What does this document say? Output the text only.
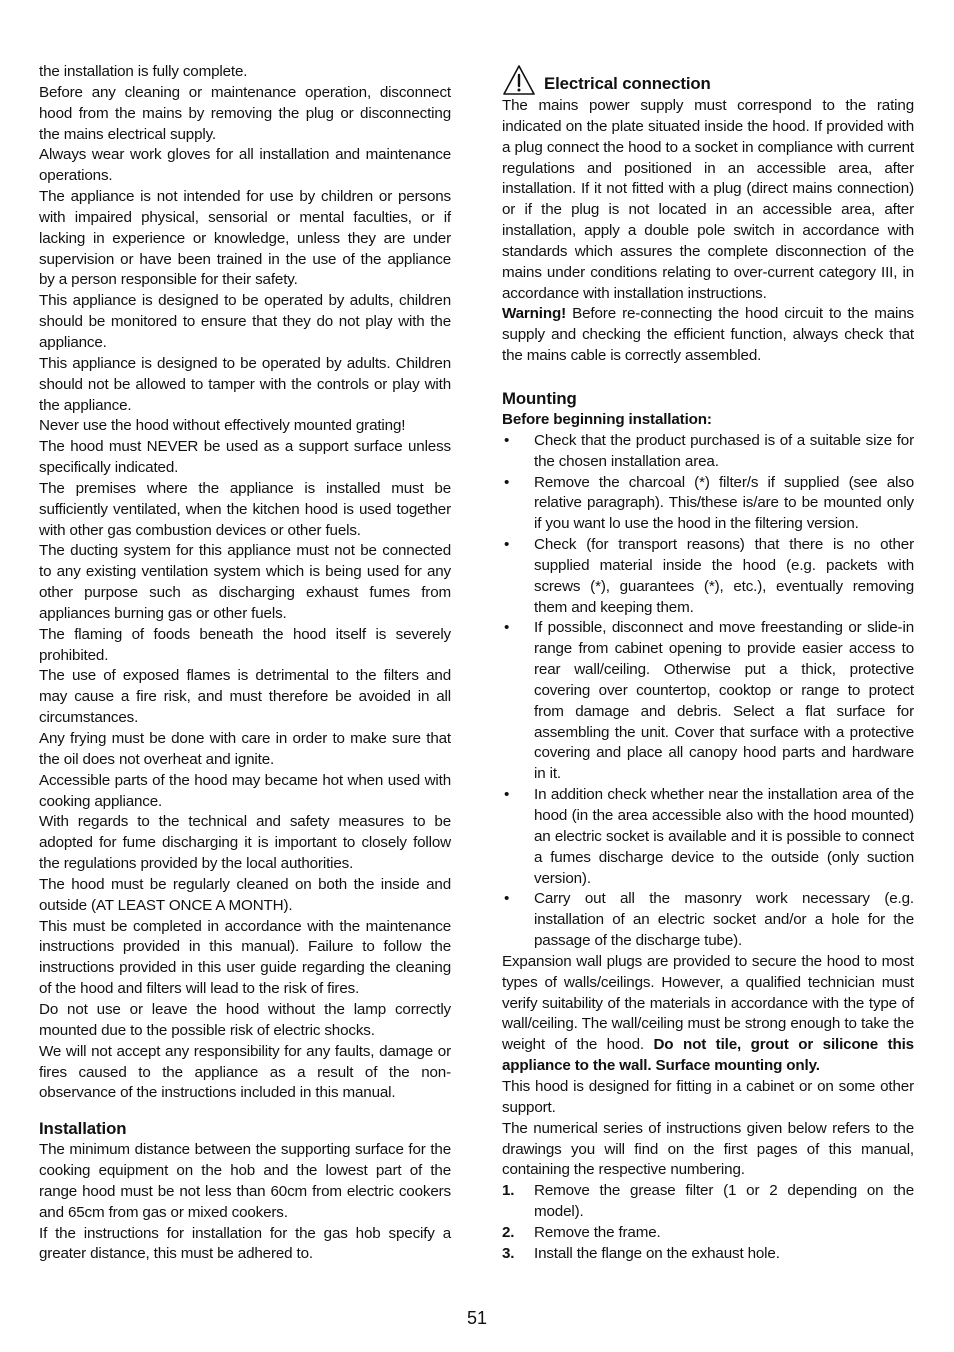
the installation is fully complete.

Before any cleaning or maintenance operation, disconnect hood from the mains by removing the plug or disconnecting the mains electrical supply.

Always wear work gloves for all installation and maintenance operations.

The appliance is not intended for use by children or persons with impaired physical, sensorial or mental faculties, or if lacking in experience or knowledge, unless they are under supervision or have been trained in the use of the appliance by a person responsible for their safety.

This appliance is designed to be operated by adults, children should be monitored to ensure that they do not play with the appliance.

This appliance is designed to be operated by adults. Children should not be allowed to tamper with the controls or play with the appliance.

Never use the hood without effectively mounted grating!

The hood must NEVER be used as a support surface unless specifically indicated.

The premises where the appliance is installed must be sufficiently ventilated, when the kitchen hood is used together with other gas combustion devices or other fuels.

The ducting system for this appliance must not be connected to any existing ventilation system which is being used for any other purpose such as discharging exhaust fumes from appliances burning gas or other fuels.

The flaming of foods beneath the hood itself is severely prohibited.

The use of exposed flames is detrimental to the filters and may cause a fire risk, and must therefore be avoided in all circumstances.

Any frying must be done with care in order to make sure that the oil does not overheat and ignite.

Accessible parts of the hood may became hot when used with cooking appliance.

With regards to the technical and safety measures to be adopted for fume discharging it is important to closely follow the regulations provided by the local authorities.

The hood must be regularly cleaned on both the inside and outside (AT LEAST ONCE A MONTH).

This must be completed in accordance with the maintenance instructions provided in this manual). Failure to follow the instructions provided in this user guide regarding the cleaning of the hood and filters will lead to the risk of fires.

Do not use or leave the hood without the lamp correctly mounted due to the possible risk of electric shocks.

We will not accept any responsibility for any faults, damage or fires caused to the appliance as a result of the non-observance of the instructions included in this manual.

Installation

The minimum distance between the supporting surface for the cooking equipment on the hob and the lowest part of the range hood must be not less than 60cm from electric cookers and 65cm from gas or mixed cookers.

If the instructions for installation for the gas hob specify a greater distance, this must be adhered to.

Electrical connection

The mains power supply must correspond to the rating indicated on the plate situated inside the hood. If provided with a plug connect the hood to a socket in compliance with current regulations and positioned in an accessible area, after installation. If it not fitted with a plug (direct mains connection) or if the plug is not located in an accessible area, after installation, apply a double pole switch in accordance with standards which assures the complete disconnection of the mains under conditions relating to over-current category III, in accordance with installation instructions.

Warning! Before re-connecting the hood circuit to the mains supply and checking the efficient function, always check that the mains cable is correctly assembled.

Mounting

Before beginning installation:

• Check that the product purchased is of a suitable size for the chosen installation area.
• Remove the charcoal (*) filter/s if supplied (see also relative paragraph). This/these is/are to be mounted only if you want lo use the hood in the filtering version.
• Check (for transport reasons) that there is no other supplied material inside the hood (e.g. packets with screws (*), guarantees (*), etc.), eventually removing them and keeping them.
• If possible, disconnect and move freestanding or slide-in range from cabinet opening to provide easier access to rear wall/ceiling. Otherwise put a thick, protective covering over countertop, cooktop or range to protect from damage and debris. Select a flat surface for assembling the unit. Cover that surface with a protective covering and place all canopy hood parts and hardware in it.
• In addition check whether near the installation area of the hood (in the area accessible also with the hood mounted) an electric socket is available and it is possible to connect a fumes discharge device to the outside (only suction version).
• Carry out all the masonry work necessary (e.g. installation of an electric socket and/or a hole for the passage of the discharge tube).

Expansion wall plugs are provided to secure the hood to most types of walls/ceilings. However, a qualified technician must verify suitability of the materials in accordance with the type of wall/ceiling. The wall/ceiling must be strong enough to take the weight of the hood. Do not tile, grout or silicone this appliance to the wall. Surface mounting only.

This hood is designed for fitting in a cabinet or on some other support.

The numerical series of instructions given below refers to the drawings you will find on the first pages of this manual, containing the respective numbering.

1. Remove the grease filter (1 or 2 depending on the model).
2. Remove the frame.
3. Install the flange on the exhaust hole.
51
